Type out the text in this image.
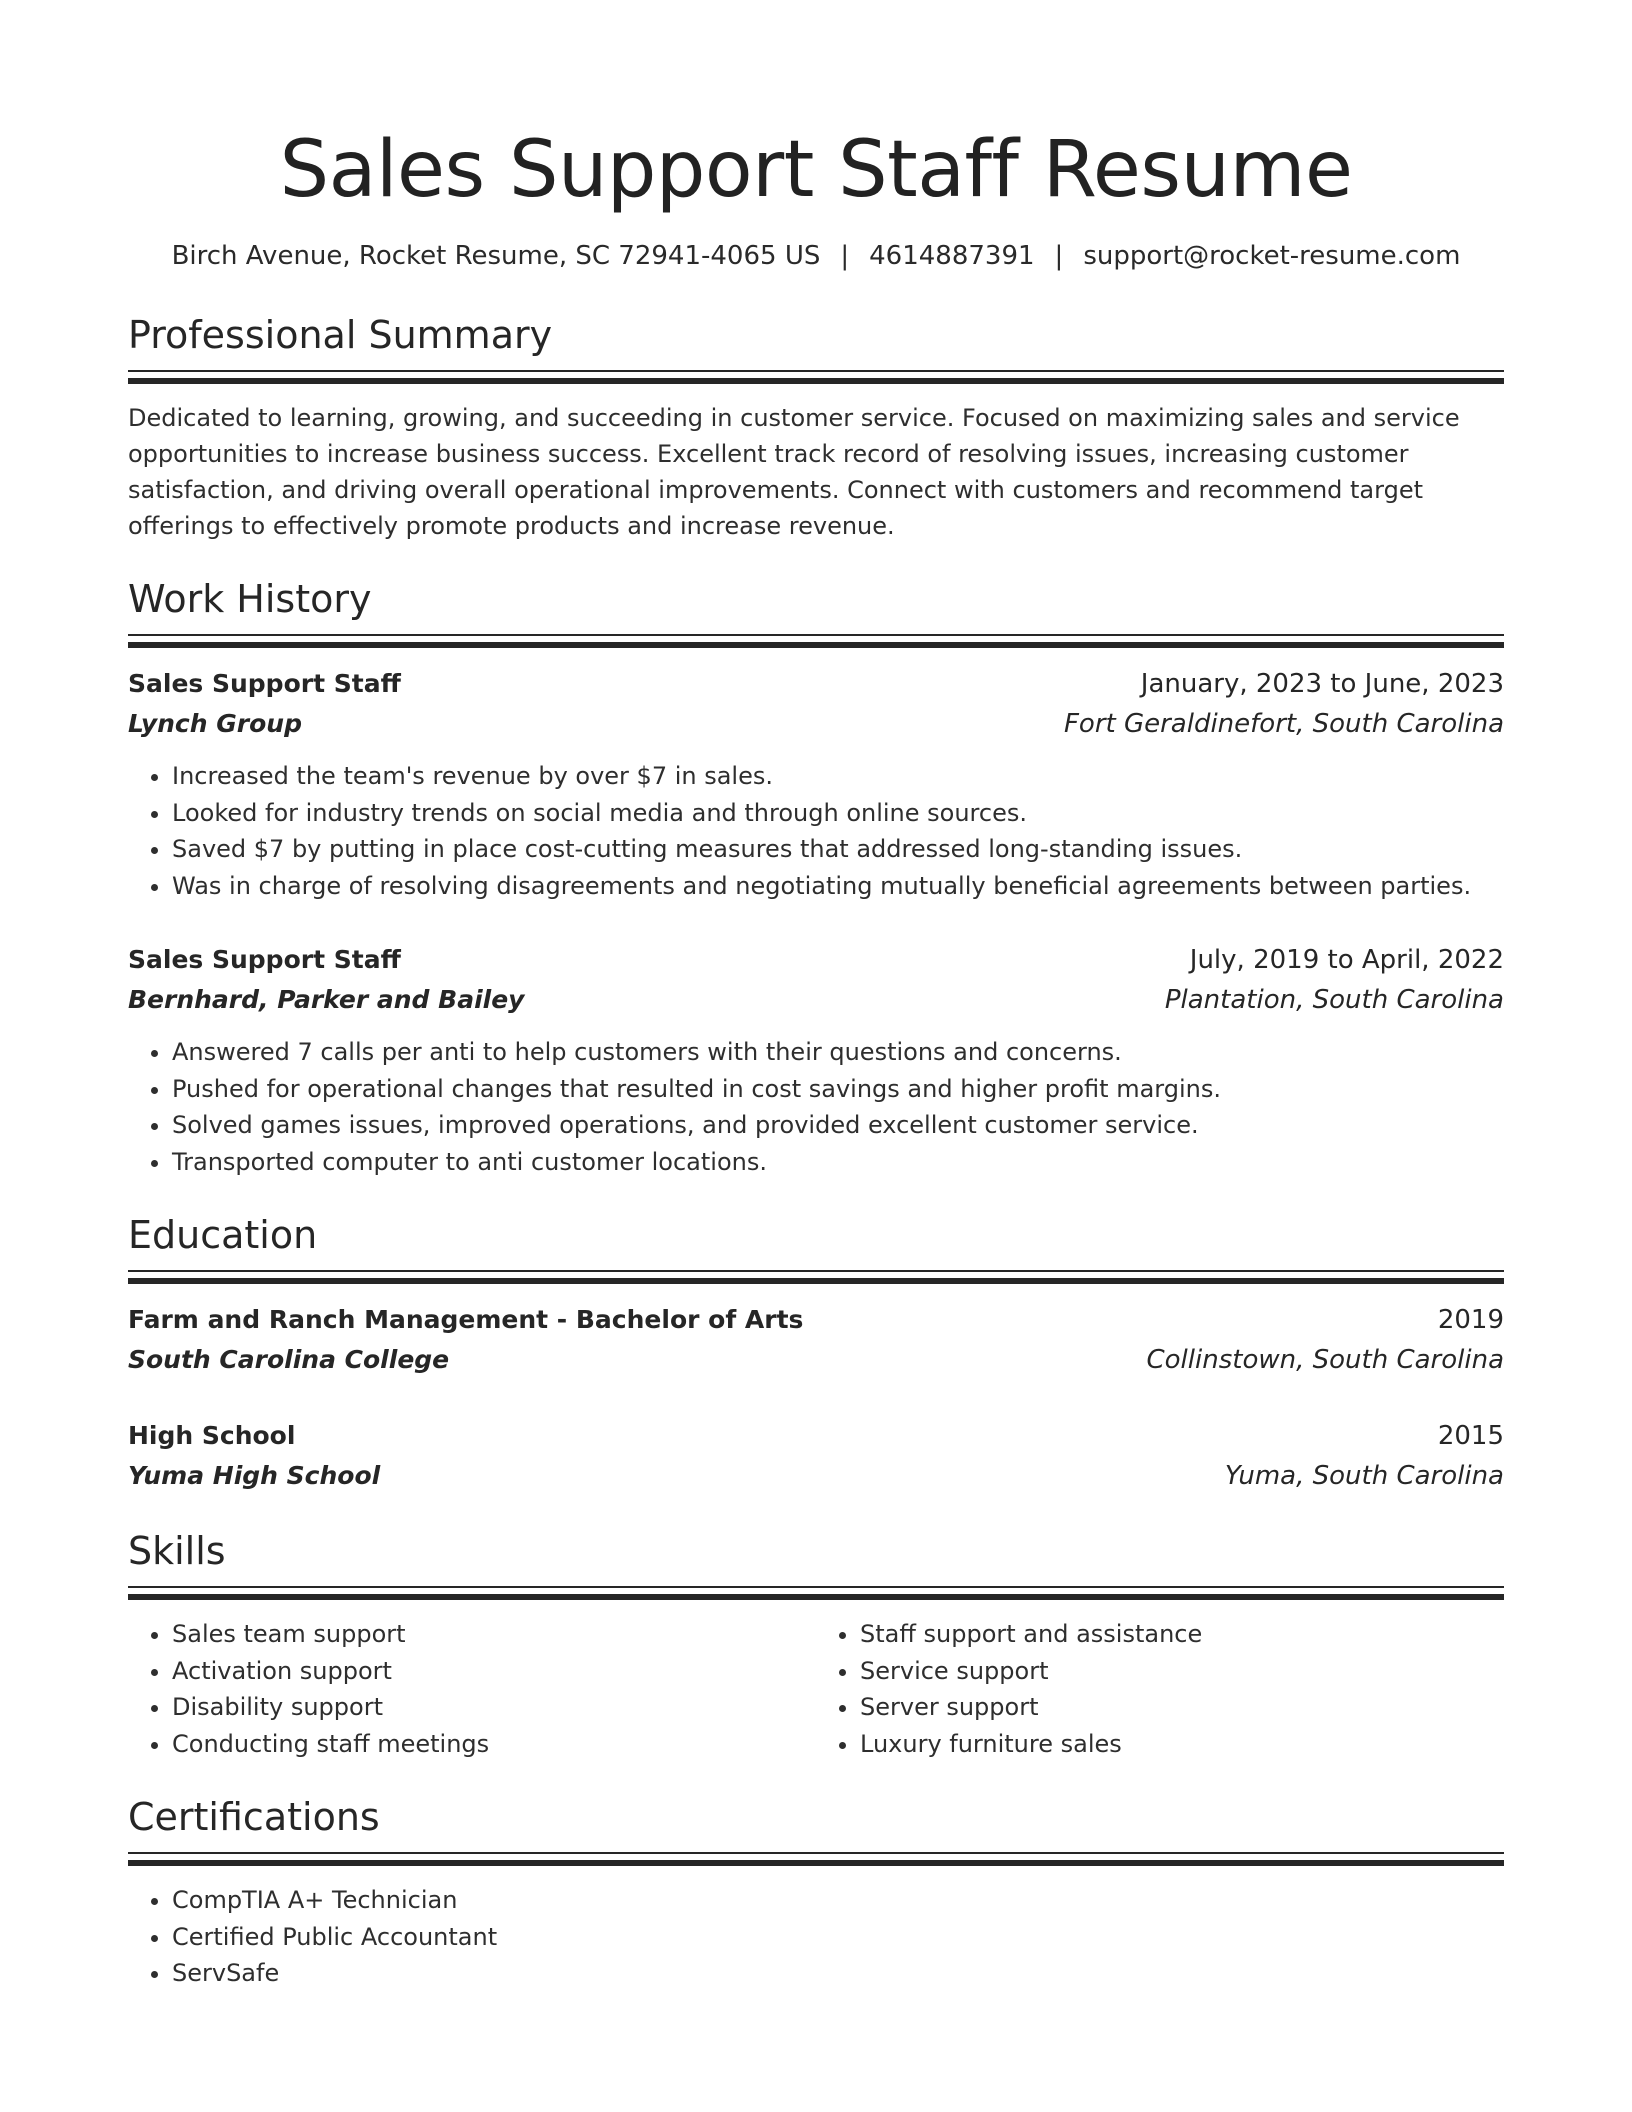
Sales Support Staff Resume
Birch Avenue, Rocket Resume, SC 72941-4065 US | 4614887391 | support@rocket-resume.com
Professional Summary
Dedicated to learning, growing, and succeeding in customer service. Focused on maximizing sales and service opportunities to increase business success. Excellent track record of resolving issues, increasing customer satisfaction, and driving overall operational improvements. Connect with customers and recommend target offerings to effectively promote products and increase revenue.
Work History
Sales Support Staff	January, 2023 to June, 2023
Lynch Group	Fort Geraldinefort, South Carolina
• Increased the team's revenue by over $7 in sales.
• Looked for industry trends on social media and through online sources.
• Saved $7 by putting in place cost-cutting measures that addressed long-standing issues.
• Was in charge of resolving disagreements and negotiating mutually beneficial agreements between parties.
Sales Support Staff	July, 2019 to April, 2022
Bernhard, Parker and Bailey	Plantation, South Carolina
• Answered 7 calls per anti to help customers with their questions and concerns.
• Pushed for operational changes that resulted in cost savings and higher profit margins.
• Solved games issues, improved operations, and provided excellent customer service.
• Transported computer to anti customer locations.
Education
Farm and Ranch Management - Bachelor of Arts	2019
South Carolina College	Collinstown, South Carolina
High School	2015
Yuma High School	Yuma, South Carolina
Skills
• Sales team support
• Activation support
• Disability support
• Conducting staff meetings
• Staff support and assistance
• Service support
• Server support
• Luxury furniture sales
Certifications
• CompTIA A+ Technician
• Certified Public Accountant
• ServSafe
